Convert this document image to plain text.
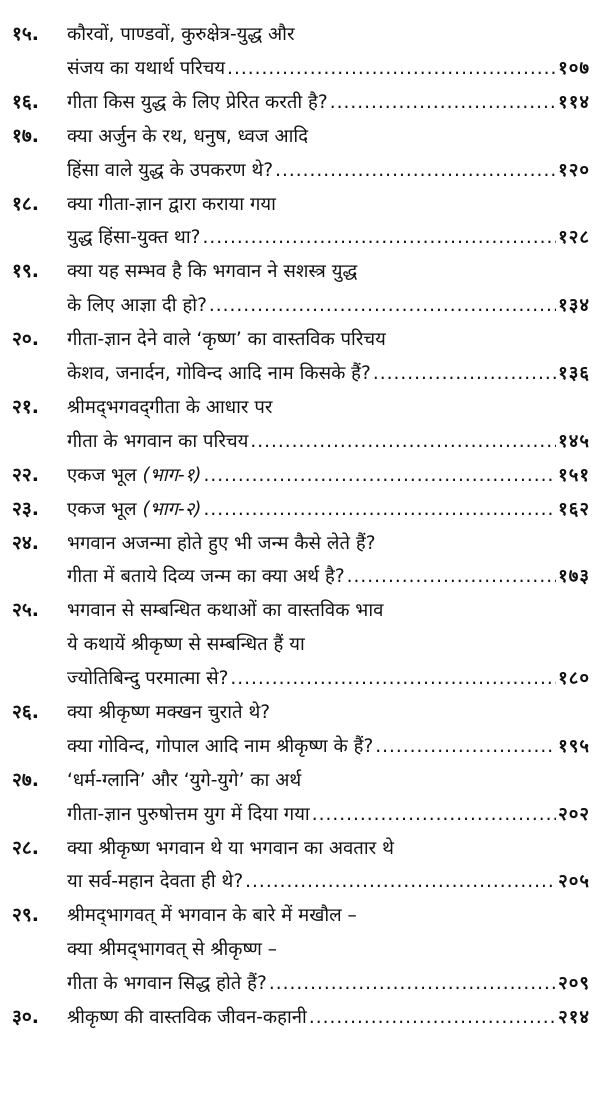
१५. कौरवों, पाण्डवों, कुरुक्षेत्र-युद्ध और
संजय का यथार्थ परिचय .....	१०७
१६. गीता किस युद्ध के लिए प्रेरित करती है? .....	११४
१७. क्या अर्जुन के रथ, धनुष, ध्वज आदि
हिंसा वाले युद्ध के उपकरण थे? .....	१२०
१८. क्या गीता-ज्ञान द्वारा कराया गया
युद्ध हिंसा-युक्त था? .....	१२८
१९. क्या यह सम्भव है कि भगवान ने सशस्त्र युद्ध
के लिए आज्ञा दी हो? .....	१३४
२०. गीता-ज्ञान देने वाले ‘कृष्ण’ का वास्तविक परिचय
केशव, जनार्दन, गोविन्द आदि नाम किसके हैं? .....	१३६
२१. श्रीमद्‌भगवद्‌गीता के आधार पर
गीता के भगवान का परिचय .....	१४५
२२. एकज भूल (भाग-१) .....	१५१
२३. एकज भूल (भाग-२) .....	१६२
२४. भगवान अजन्मा होते हुए भी जन्म कैसे लेते हैं?
गीता में बताये दिव्य जन्म का क्या अर्थ है? .....	१७३
२५. भगवान से सम्बन्धित कथाओं का वास्तविक भाव
ये कथायें श्रीकृष्ण से सम्बन्धित हैं या
ज्योतिबिन्दु परमात्मा से? .....	१८०
२६. क्या श्रीकृष्ण मक्खन चुराते थे?
क्या गोविन्द, गोपाल आदि नाम श्रीकृष्ण के हैं? .....	१९५
२७. ‘धर्म-ग्लानि’ और ‘युगे-युगे’ का अर्थ
गीता-ज्ञान पुरुषोत्तम युग में दिया गया .....	२०२
२८. क्या श्रीकृष्ण भगवान थे या भगवान का अवतार थे
या सर्व-महान देवता ही थे? .....	२०५
२९. श्रीमद्‌भागवत् में भगवान के बारे में मखौल –
क्या श्रीमद्‌भागवत् से श्रीकृष्ण –
गीता के भगवान सिद्ध होते हैं? .....	२०९
३०. श्रीकृष्ण की वास्तविक जीवन-कहानी .....	२१४
